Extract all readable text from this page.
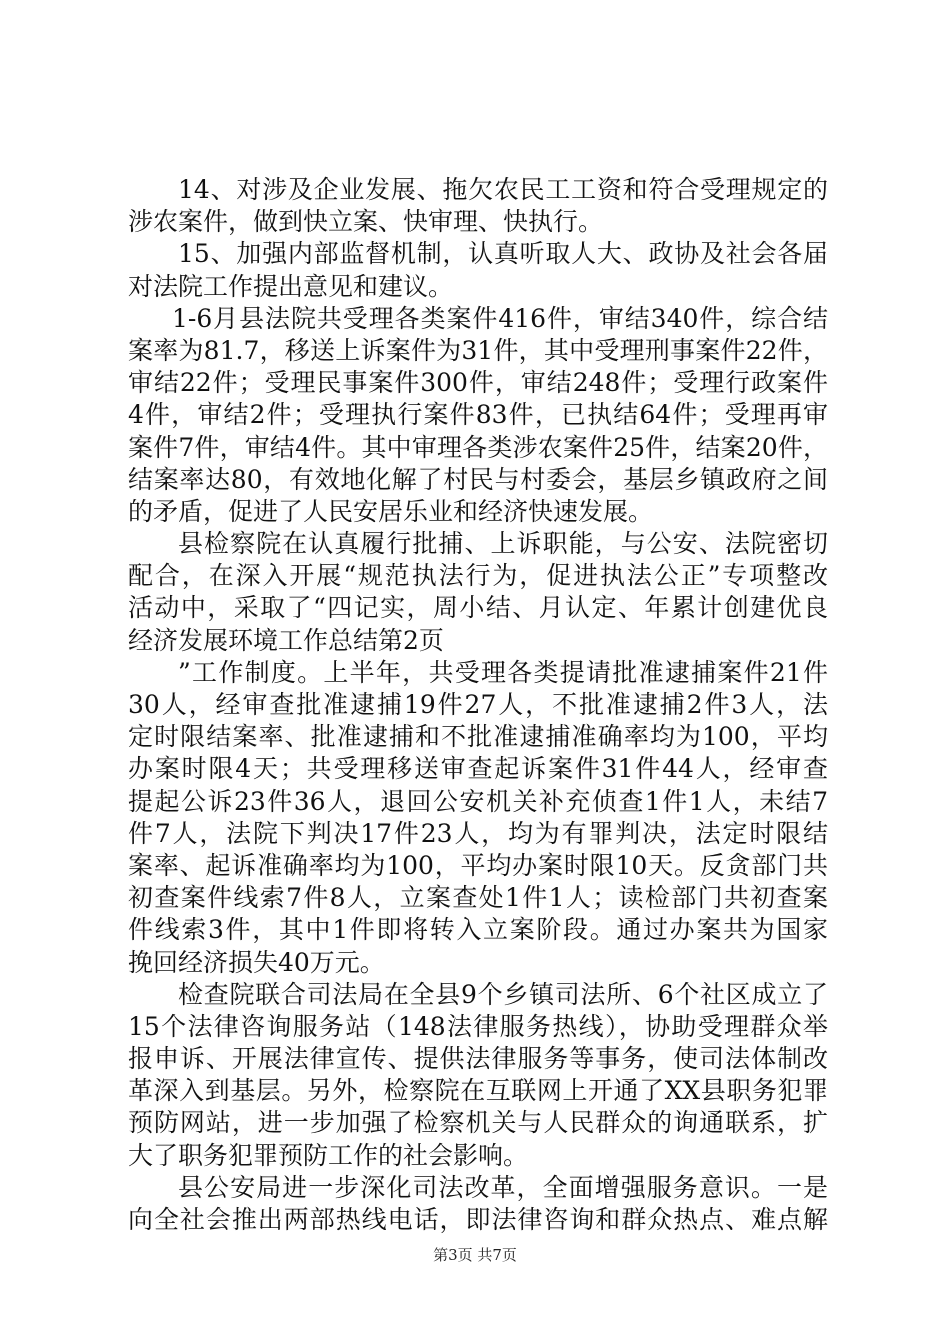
14、对涉及企业发展、拖欠农民工工资和符合受理规定的
涉农案件，做到快立案、快审理、快执行。
15、加强内部监督机制，认真听取人大、政协及社会各届
对法院工作提出意见和建议。
1-6月县法院共受理各类案件416件，审结340件，综合结
案率为81.7，移送上诉案件为31件，其中受理刑事案件22件，
审结22件；受理民事案件300件，审结248件；受理行政案件
4件，审结2件；受理执行案件83件，已执结64件；受理再审
案件7件，审结4件。其中审理各类涉农案件25件，结案20件，
结案率达80，有效地化解了村民与村委会，基层乡镇政府之间
的矛盾，促进了人民安居乐业和经济快速发展。
县检察院在认真履行批捕、上诉职能，与公安、法院密切
配合，在深入开展“规范执法行为，促进执法公正”专项整改
活动中，采取了“四记实，周小结、月认定、年累计创建优良
经济发展环境工作总结第2页
”工作制度。上半年，共受理各类提请批准逮捕案件21件
30人，经审查批准逮捕19件27人，不批准逮捕2件3人，法
定时限结案率、批准逮捕和不批准逮捕准确率均为100，平均
办案时限4天；共受理移送审查起诉案件31件44人，经审查
提起公诉23件36人，退回公安机关补充侦查1件1人，未结7
件7人，法院下判决17件23人，均为有罪判决，法定时限结
案率、起诉准确率均为100，平均办案时限10天。反贪部门共
初查案件线索7件8人，立案查处1件1人；读检部门共初查案
件线索3件，其中1件即将转入立案阶段。通过办案共为国家
挽回经济损失40万元。
检查院联合司法局在全县9个乡镇司法所、6个社区成立了
15个法律咨询服务站（148法律服务热线），协助受理群众举
报申诉、开展法律宣传、提供法律服务等事务，使司法体制改
革深入到基层。另外，检察院在互联网上开通了XX县职务犯罪
预防网站，进一步加强了检察机关与人民群众的询通联系，扩
大了职务犯罪预防工作的社会影响。
县公安局进一步深化司法改革，全面增强服务意识。一是
向全社会推出两部热线电话，即法律咨询和群众热点、难点解
第3页 共7页
